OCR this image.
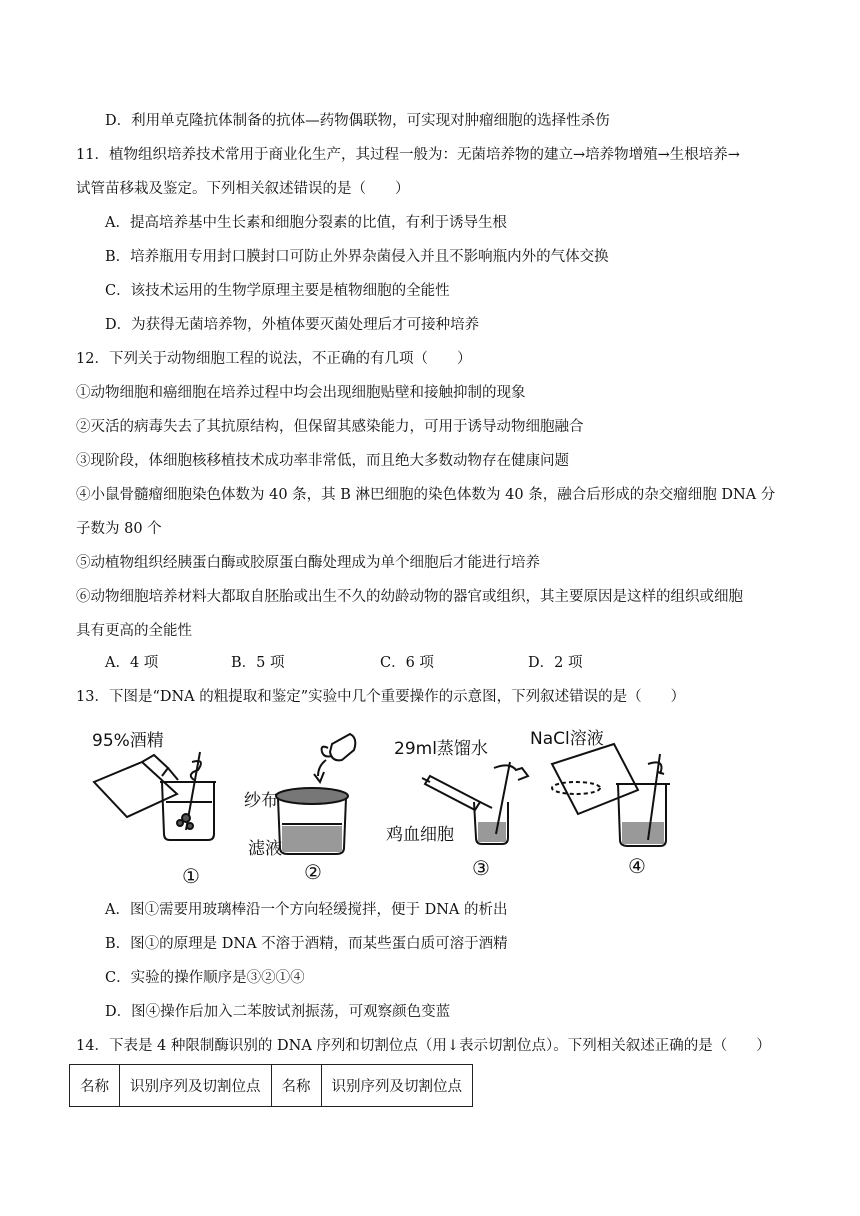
D．利用单克隆抗体制备的抗体—药物偶联物，可实现对肿瘤细胞的选择性杀伤
11．植物组织培养技术常用于商业化生产，其过程一般为：无菌培养物的建立→培养物增殖→生根培养→
试管苗移栽及鉴定。下列相关叙述错误的是（　　）
A．提高培养基中生长素和细胞分裂素的比值，有利于诱导生根
B．培养瓶用专用封口膜封口可防止外界杂菌侵入并且不影响瓶内外的气体交换
C．该技术运用的生物学原理主要是植物细胞的全能性
D．为获得无菌培养物，外植体要灭菌处理后才可接种培养
12．下列关于动物细胞工程的说法，不正确的有几项（　　）
①动物细胞和癌细胞在培养过程中均会出现细胞贴壁和接触抑制的现象
②灭活的病毒失去了其抗原结构，但保留其感染能力，可用于诱导动物细胞融合
③现阶段，体细胞核移植技术成功率非常低，而且绝大多数动物存在健康问题
④小鼠骨髓瘤细胞染色体数为 40 条，其 B 淋巴细胞的染色体数为 40 条，融合后形成的杂交瘤细胞 DNA 分
子数为 80 个
⑤动植物组织经胰蛋白酶或胶原蛋白酶处理成为单个细胞后才能进行培养
⑥动物细胞培养材料大都取自胚胎或出生不久的幼龄动物的器官或组织，其主要原因是这样的组织或细胞
具有更高的全能性
A．4 项	B．5 项	C．6 项	D．2 项
13．下图是“DNA 的粗提取和鉴定”实验中几个重要操作的示意图，下列叙述错误的是（　　）
95%酒精
纱布
滤液
29ml蒸馏水
鸡血细胞
NaCl溶液
①	②	③	④
A．图①需要用玻璃棒沿一个方向轻缓搅拌，便于 DNA 的析出
B．图①的原理是 DNA 不溶于酒精，而某些蛋白质可溶于酒精
C．实验的操作顺序是③②①④
D．图④操作后加入二苯胺试剂振荡，可观察颜色变蓝
14．下表是 4 种限制酶识别的 DNA 序列和切割位点（用↓表示切割位点）。下列相关叙述正确的是（　　）
名称	识别序列及切割位点	名称	识别序列及切割位点
